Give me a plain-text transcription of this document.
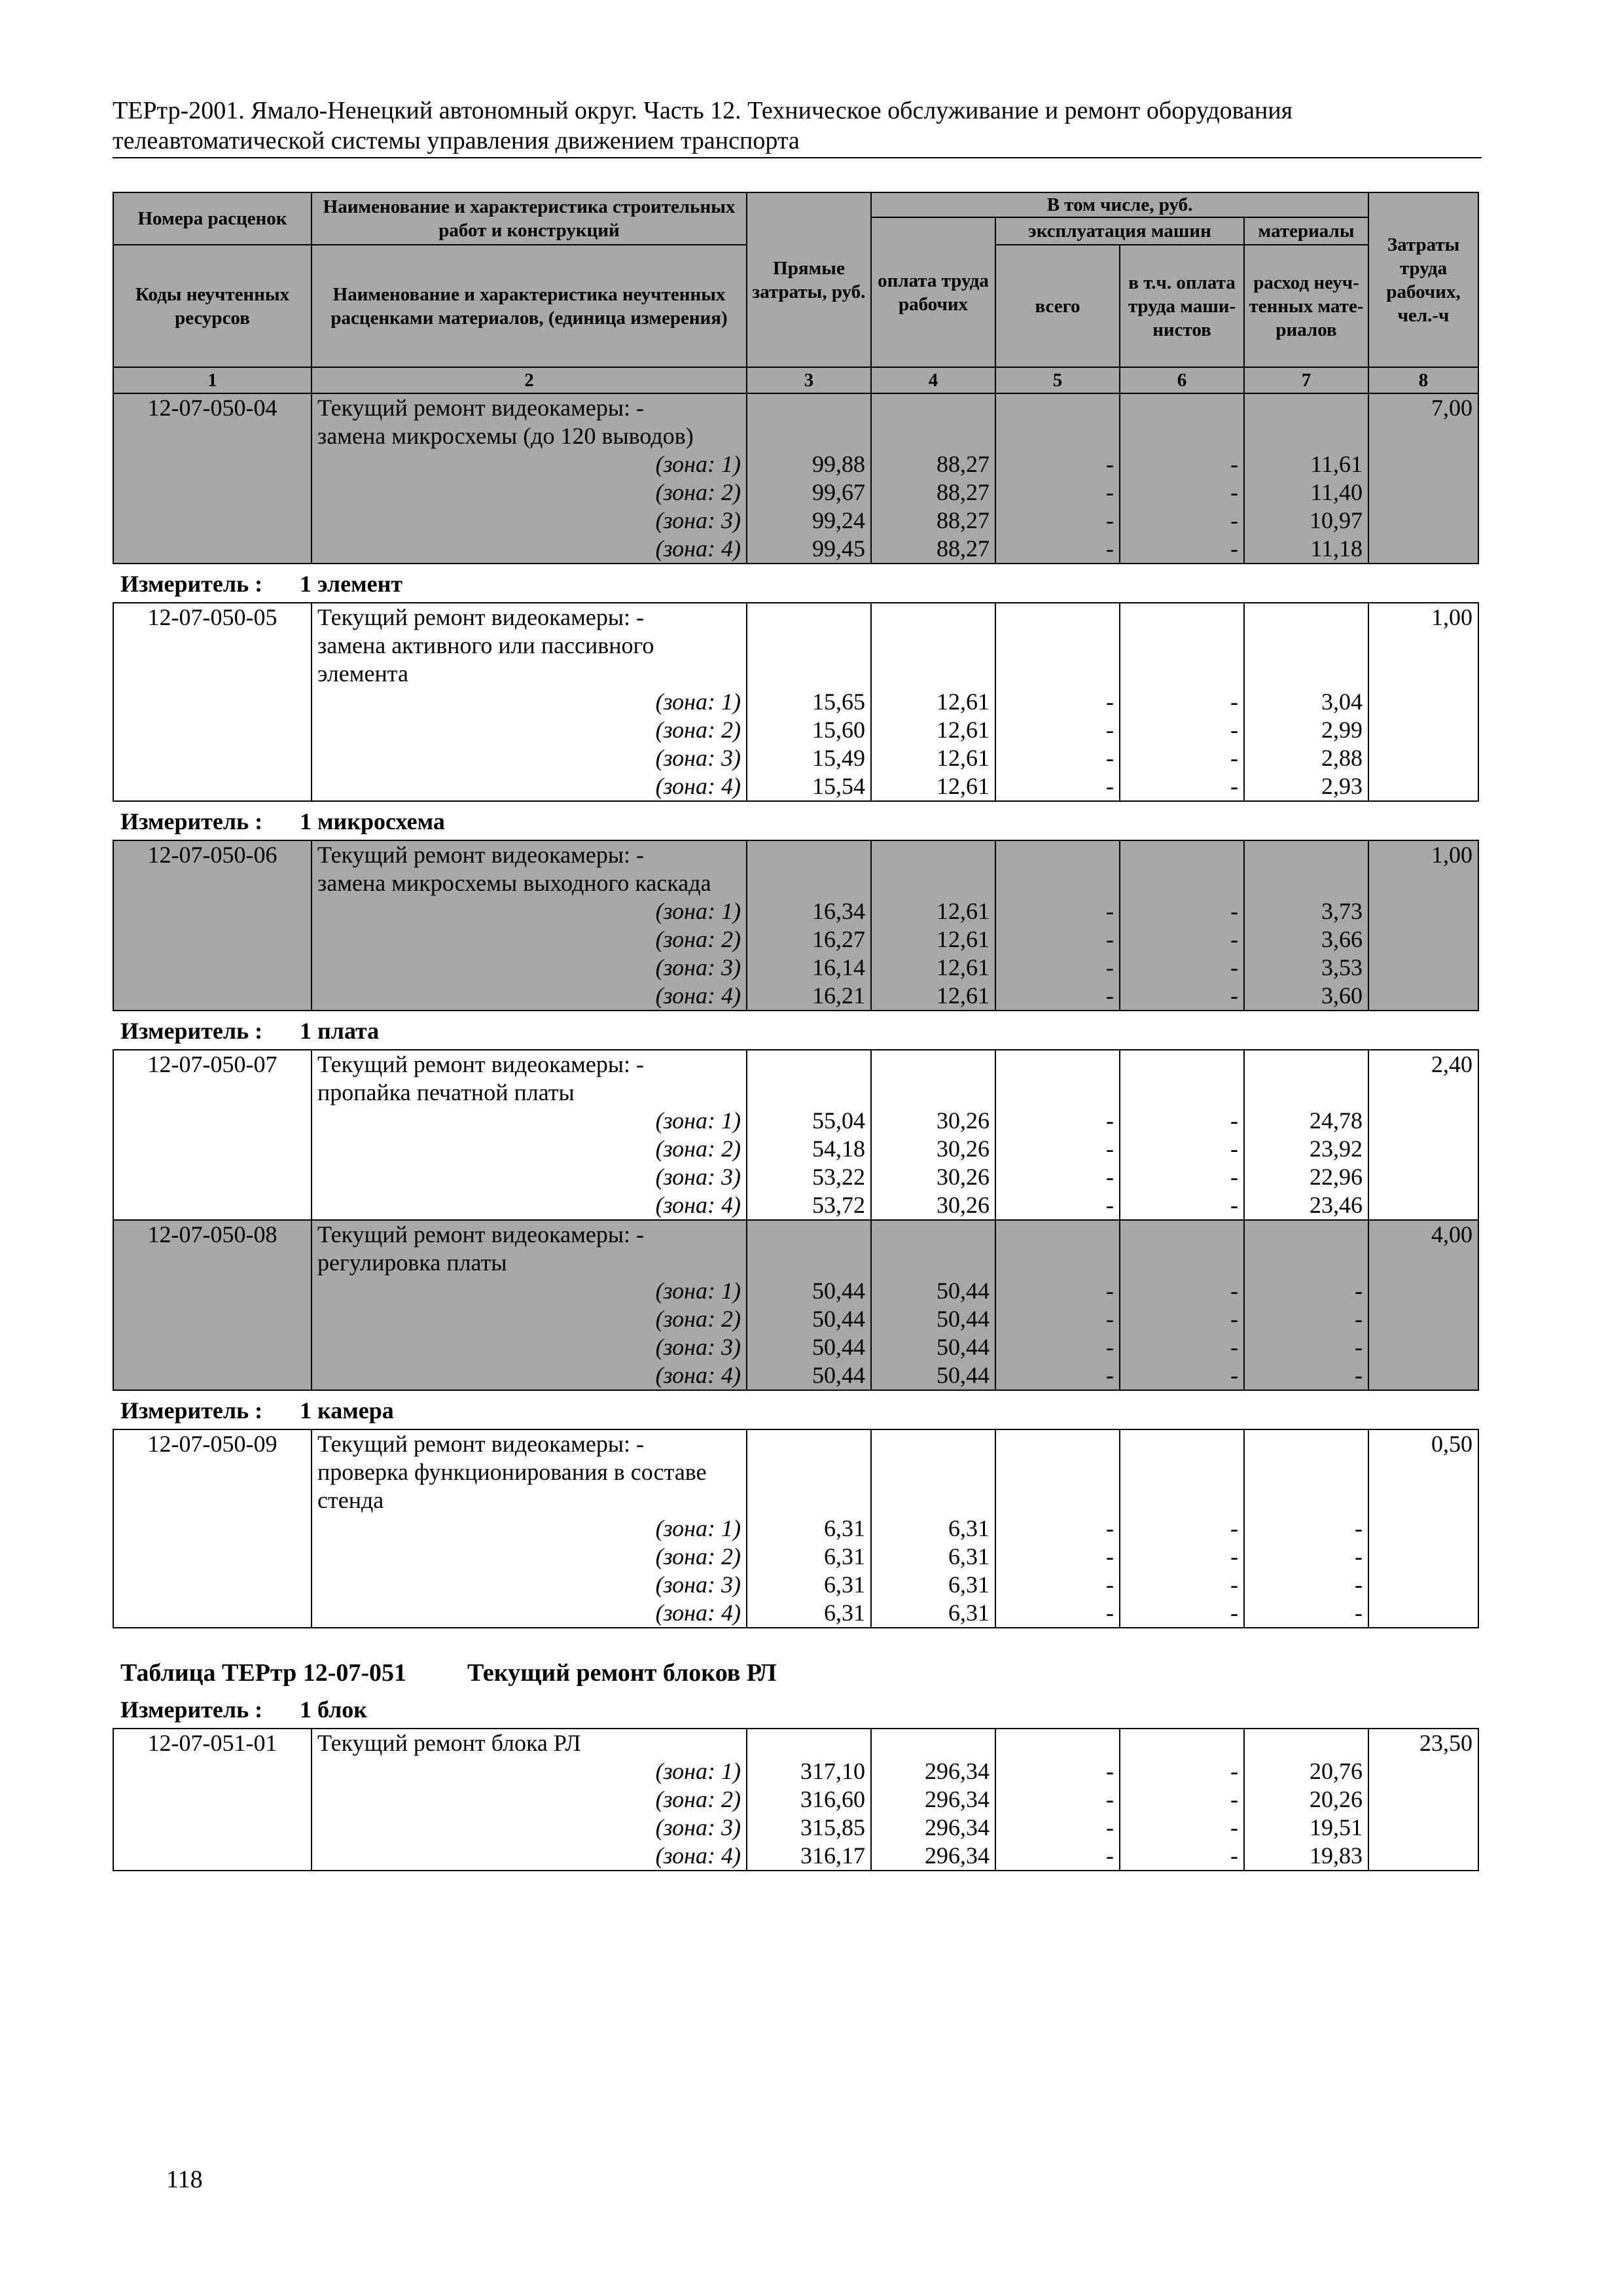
ТЕРтр-2001. Ямало-Ненецкий автономный округ. Часть 12. Техническое обслуживание и ремонт оборудования
телеавтоматической системы управления движением транспорта
Номера расценок	Наименование и характеристика строительных работ и конструкций	Прямые затраты, руб.	В том числе, руб.				Затраты труда рабочих, чел.-ч
			оплата труда рабочих	эксплуатация машин		материалы	
Коды неучтенных ресурсов	Наименование и характеристика неучтенных расценками материалов, (единица измерения)			всего	в т.ч. оплата труда маши-нистов	расход неуч-тенных мате-риалов	

1	2	3	4	5	6	7	8
12-07-050-04	Текущий ремонт видеокамеры: -						7,00
	замена микросхемы (до 120 выводов)						
	(зона: 1)	99,88	88,27	-	-	11,61	
	(зона: 2)	99,67	88,27	-	-	11,40	
	(зона: 3)	99,24	88,27	-	-	10,97	
	(зона: 4)	99,45	88,27	-	-	11,18	
Измеритель : 1 элемент
12-07-050-05	Текущий ремонт видеокамеры: -						1,00
	замена активного или пассивного						
	элемента						
	(зона: 1)	15,65	12,61	-	-	3,04	
	(зона: 2)	15,60	12,61	-	-	2,99	
	(зона: 3)	15,49	12,61	-	-	2,88	
	(зона: 4)	15,54	12,61	-	-	2,93	
Измеритель : 1 микросхема
12-07-050-06	Текущий ремонт видеокамеры: -						1,00
	замена микросхемы выходного каскада						
	(зона: 1)	16,34	12,61	-	-	3,73	
	(зона: 2)	16,27	12,61	-	-	3,66	
	(зона: 3)	16,14	12,61	-	-	3,53	
	(зона: 4)	16,21	12,61	-	-	3,60	
Измеритель : 1 плата
12-07-050-07	Текущий ремонт видеокамеры: -						2,40
	пропайка печатной платы						
	(зона: 1)	55,04	30,26	-	-	24,78	
	(зона: 2)	54,18	30,26	-	-	23,92	
	(зона: 3)	53,22	30,26	-	-	22,96	
	(зона: 4)	53,72	30,26	-	-	23,46	
12-07-050-08	Текущий ремонт видеокамеры: -						4,00
	регулировка платы						
	(зона: 1)	50,44	50,44	-	-	-	
	(зона: 2)	50,44	50,44	-	-	-	
	(зона: 3)	50,44	50,44	-	-	-	
	(зона: 4)	50,44	50,44	-	-	-	
Измеритель : 1 камера
12-07-050-09	Текущий ремонт видеокамеры: -						0,50
	проверка функционирования в составе						
	стенда						
	(зона: 1)	6,31	6,31	-	-	-	
	(зона: 2)	6,31	6,31	-	-	-	
	(зона: 3)	6,31	6,31	-	-	-	
	(зона: 4)	6,31	6,31	-	-	-	
Таблица ТЕРтр 12-07-051 Текущий ремонт блоков РЛ
Измеритель : 1 блок
12-07-051-01	Текущий ремонт блока РЛ						23,50
	(зона: 1)	317,10	296,34	-	-	20,76	
	(зона: 2)	316,60	296,34	-	-	20,26	
	(зона: 3)	315,85	296,34	-	-	19,51	
	(зона: 4)	316,17	296,34	-	-	19,83	
118
